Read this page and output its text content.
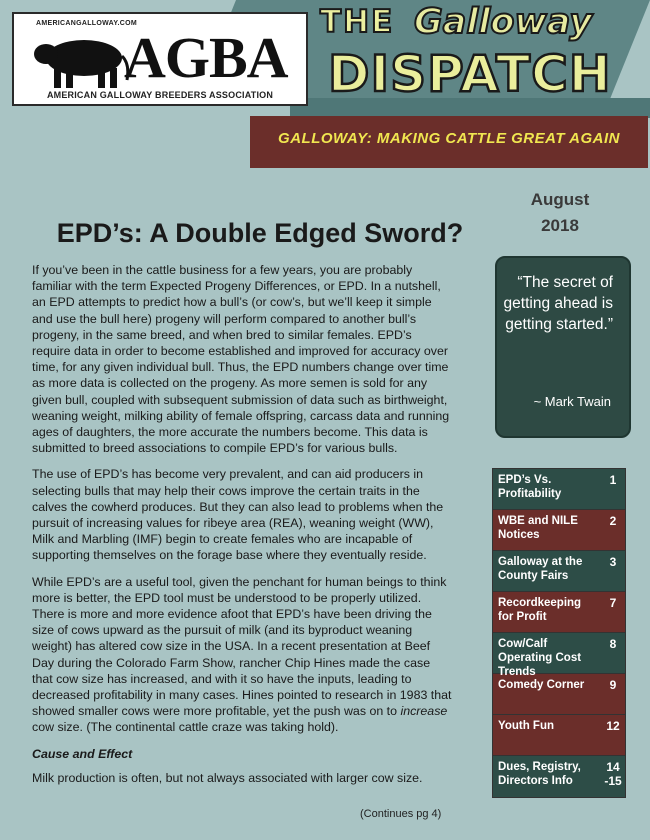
AMERICANGALLOWAY.COM
AGBA
AMERICAN GALLOWAY BREEDERS ASSOCIATION
THE Galloway
DISPATCH
GALLOWAY: MAKING CATTLE GREAT AGAIN
August
2018
EPD’s: A Double Edged Sword?

If you’ve been in the cattle business for a few years, you are probably familiar with the term Expected Progeny Differences, or EPD. In a nutshell, an EPD attempts to predict how a bull’s (or cow’s, but we’ll keep it simple and use the bull here) progeny will perform compared to another bull’s progeny, in the same breed, and when bred to similar females. EPD’s require data in order to become established and improved for accuracy over time, for any given individual bull. Thus, the EPD numbers change over time as more data is collected on the progeny. As more semen is sold for any given bull, coupled with subsequent submission of data such as birthweight, weaning weight, milking ability of female offspring, carcass data and running ages of daughters, the more accurate the numbers become. This data is submitted to breed associations to compile EPD’s for various bulls.

The use of EPD’s has become very prevalent, and can aid producers in selecting bulls that may help their cows improve the certain traits in the calves the cowherd produces. But they can also lead to problems when the pursuit of increasing values for ribeye area (REA), weaning weight (WW), Milk and Marbling (IMF) begin to create females who are incapable of supporting themselves on the forage base where they eventually reside.

While EPD’s are a useful tool, given the penchant for human beings to think more is better, the EPD tool must be understood to be properly utilized. There is more and more evidence afoot that EPD’s have been driving the size of cows upward as the pursuit of milk (and its byproduct weaning weight) has altered cow size in the USA. In a recent presentation at Beef Day during the Colorado Farm Show, rancher Chip Hines made the case that cow size has increased, and with it so have the inputs, leading to decreased profitability in many cases. Hines pointed to research in 1983 that showed smaller cows were more profitable, yet the push was on to increase cow size. (The continental cattle craze was taking hold).

Cause and Effect

Milk production is often, but not always associated with larger cow size.

(Continues pg 4)
“The secret of getting ahead is getting started.”
~ Mark Twain
EPD’s Vs. Profitability
1
WBE and NILE Notices
2
Galloway at the County Fairs
3
Recordkeeping for Profit
7
Cow/Calf Operating Cost Trends
8
Comedy Corner	9
Youth Fun	12
Dues, Registry, Directors Info
14 -15
